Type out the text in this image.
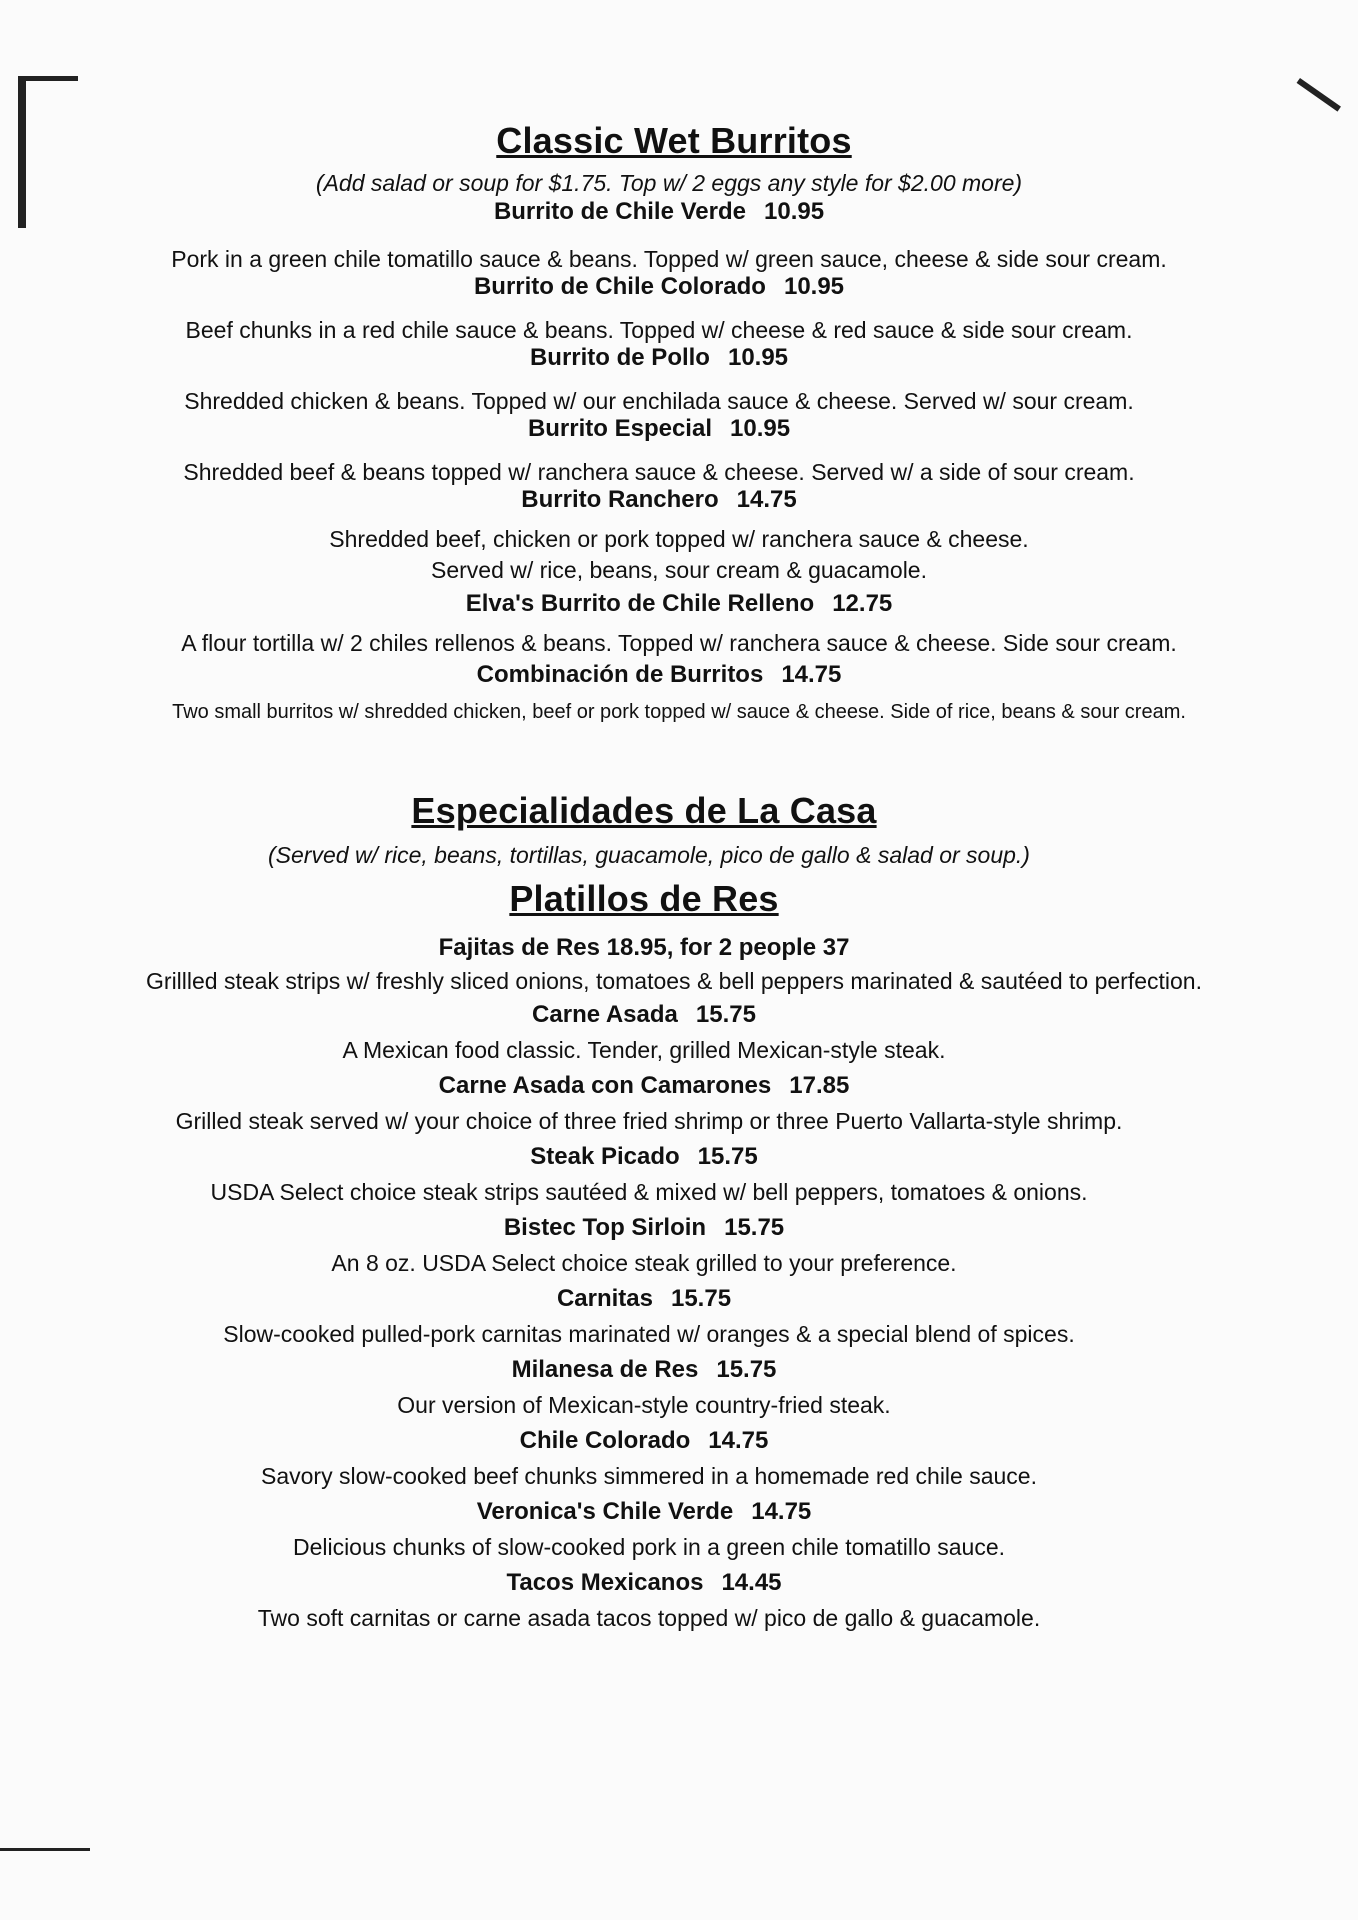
Classic Wet Burritos

(Add salad or soup for $1.75. Top w/ 2 eggs any style for $2.00 more)

Burrito de Chile Verde 10.95

Pork in a green chile tomatillo sauce & beans. Topped w/ green sauce, cheese & side sour cream.

Burrito de Chile Colorado 10.95

Beef chunks in a red chile sauce & beans. Topped w/ cheese & red sauce & side sour cream.

Burrito de Pollo 10.95

Shredded chicken & beans. Topped w/ our enchilada sauce & cheese. Served w/ sour cream.

Burrito Especial 10.95

Shredded beef & beans topped w/ ranchera sauce & cheese. Served w/ a side of sour cream.

Burrito Ranchero 14.75

Shredded beef, chicken or pork topped w/ ranchera sauce & cheese.

Served w/ rice, beans, sour cream & guacamole.

Elva's Burrito de Chile Relleno 12.75

A flour tortilla w/ 2 chiles rellenos & beans. Topped w/ ranchera sauce & cheese. Side sour cream.

Combinación de Burritos 14.75

Two small burritos w/ shredded chicken, beef or pork topped w/ sauce & cheese. Side of rice, beans & sour cream.

Especialidades de La Casa

(Served w/ rice, beans, tortillas, guacamole, pico de gallo & salad or soup.)

Platillos de Res

Fajitas de Res 18.95, for 2 people 37

Grillled steak strips w/ freshly sliced onions, tomatoes & bell peppers marinated & sautéed to perfection.

Carne Asada 15.75

A Mexican food classic. Tender, grilled Mexican-style steak.

Carne Asada con Camarones 17.85

Grilled steak served w/ your choice of three fried shrimp or three Puerto Vallarta-style shrimp.

Steak Picado 15.75

USDA Select choice steak strips sautéed & mixed w/ bell peppers, tomatoes & onions.

Bistec Top Sirloin 15.75

An 8 oz. USDA Select choice steak grilled to your preference.

Carnitas 15.75

Slow-cooked pulled-pork carnitas marinated w/ oranges & a special blend of spices.

Milanesa de Res 15.75

Our version of Mexican-style country-fried steak.

Chile Colorado 14.75

Savory slow-cooked beef chunks simmered in a homemade red chile sauce.

Veronica's Chile Verde 14.75

Delicious chunks of slow-cooked pork in a green chile tomatillo sauce.

Tacos Mexicanos 14.45

Two soft carnitas or carne asada tacos topped w/ pico de gallo & guacamole.
